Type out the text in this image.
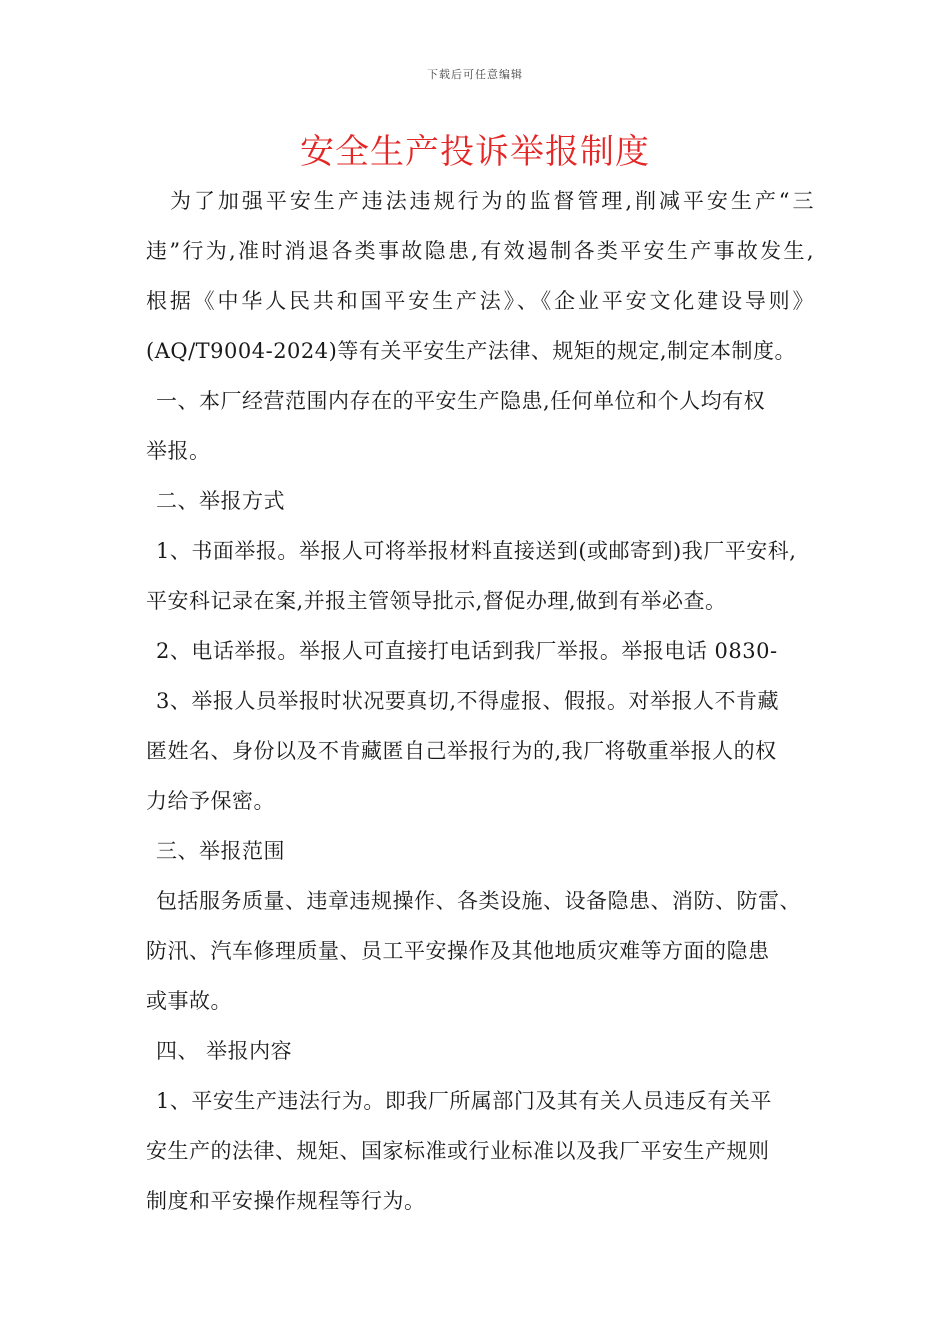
下载后可任意编辑
安全生产投诉举报制度
为了加强平安生产违法违规行为的监督管理,削减平安生产“三
违”行为,准时消退各类事故隐患,有效遏制各类平安生产事故发生,
根据《中华人民共和国平安生产法》、《企业平安文化建设导则》
(AQ/T9004-2024)等有关平安生产法律、规矩的规定,制定本制度。
一、本厂经营范围内存在的平安生产隐患,任何单位和个人均有权
举报。
二、举报方式
1、书面举报。举报人可将举报材料直接送到(或邮寄到)我厂平安科,
平安科记录在案,并报主管领导批示,督促办理,做到有举必查。
2、电话举报。举报人可直接打电话到我厂举报。举报电话 0830-
3、举报人员举报时状况要真切,不得虚报、假报。对举报人不肯藏
匿姓名、身份以及不肯藏匿自己举报行为的,我厂将敬重举报人的权
力给予保密。
三、举报范围
包括服务质量、违章违规操作、各类设施、设备隐患、消防、防雷、
防汛、汽车修理质量、员工平安操作及其他地质灾难等方面的隐患
或事故。
四、 举报内容
1、平安生产违法行为。即我厂所属部门及其有关人员违反有关平
安生产的法律、规矩、国家标准或行业标准以及我厂平安生产规则
制度和平安操作规程等行为。
